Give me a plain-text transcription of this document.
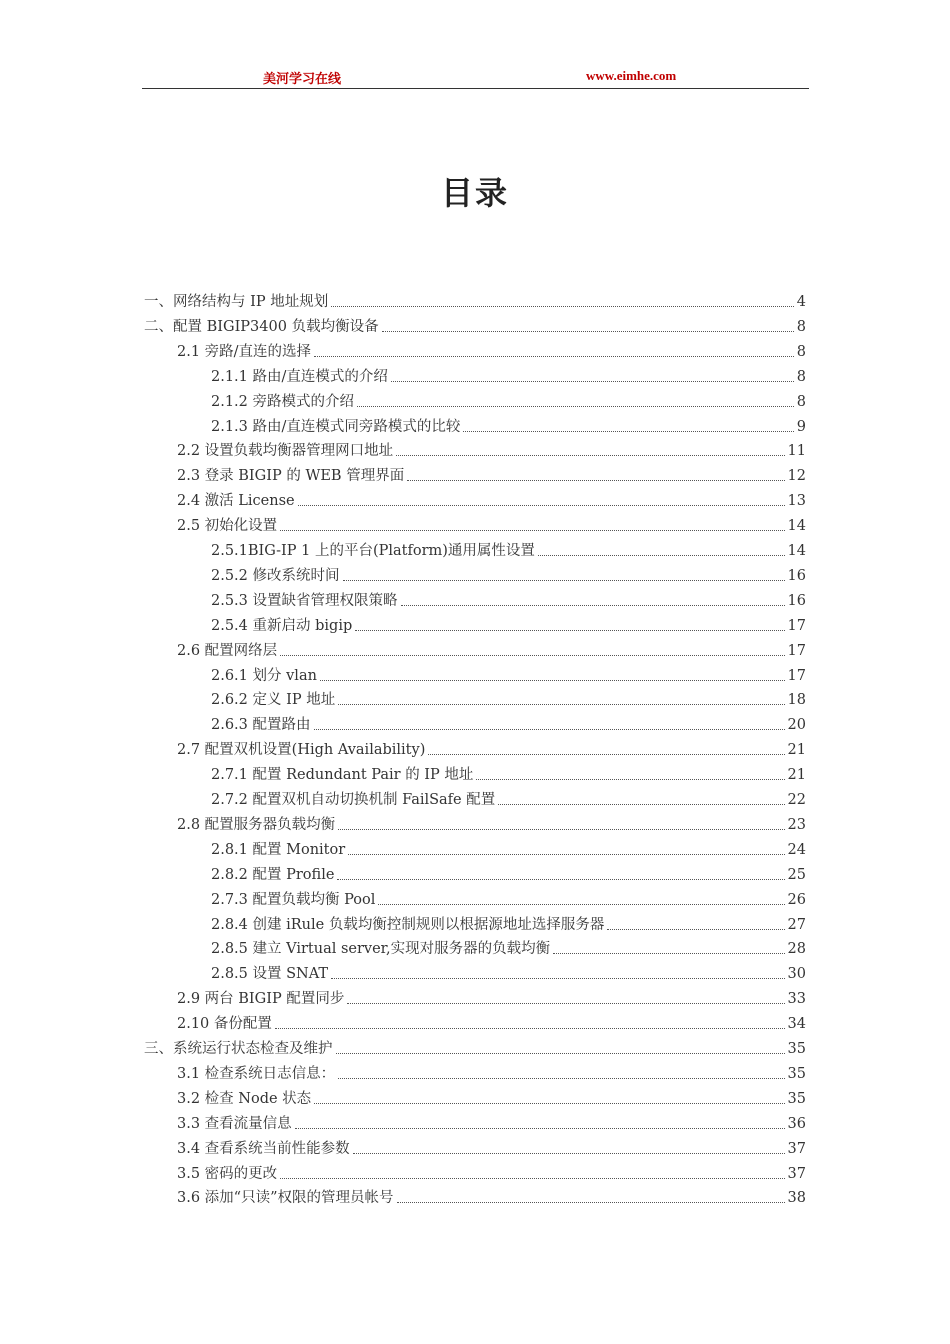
美河学习在线	www.eimhe.com
目录
一、网络结构与 IP 地址规划	4
二、配置 BIGIP3400 负载均衡设备	8
2.1 旁路/直连的选择	8
2.1.1 路由/直连模式的介绍	8
2.1.2 旁路模式的介绍	8
2.1.3 路由/直连模式同旁路模式的比较	9
2.2 设置负载均衡器管理网口地址	11
2.3 登录 BIGIP 的 WEB 管理界面	12
2.4 激活 License	13
2.5 初始化设置	14
2.5.1BIG-IP 1 上的平台(Platform)通用属性设置	14
2.5.2 修改系统时间	16
2.5.3 设置缺省管理权限策略	16
2.5.4 重新启动 bigip	17
2.6 配置网络层	17
2.6.1 划分 vlan	17
2.6.2 定义 IP 地址	18
2.6.3 配置路由	20
2.7 配置双机设置(High Availability)	21
2.7.1 配置 Redundant Pair 的 IP 地址	21
2.7.2 配置双机自动切换机制 FailSafe 配置	22
2.8 配置服务器负载均衡	23
2.8.1 配置 Monitor	24
2.8.2 配置 Profile	25
2.7.3 配置负载均衡 Pool	26
2.8.4 创建 iRule 负载均衡控制规则以根据源地址选择服务器	27
2.8.5 建立 Virtual server,实现对服务器的负载均衡	28
2.8.5 设置 SNAT	30
2.9 两台 BIGIP 配置同步	33
2.10 备份配置	34
三、系统运行状态检查及维护	35
3.1 检查系统日志信息：	35
3.2 检查 Node 状态	35
3.3 查看流量信息	36
3.4 查看系统当前性能参数	37
3.5 密码的更改	37
3.6 添加“只读”权限的管理员帐号	38
